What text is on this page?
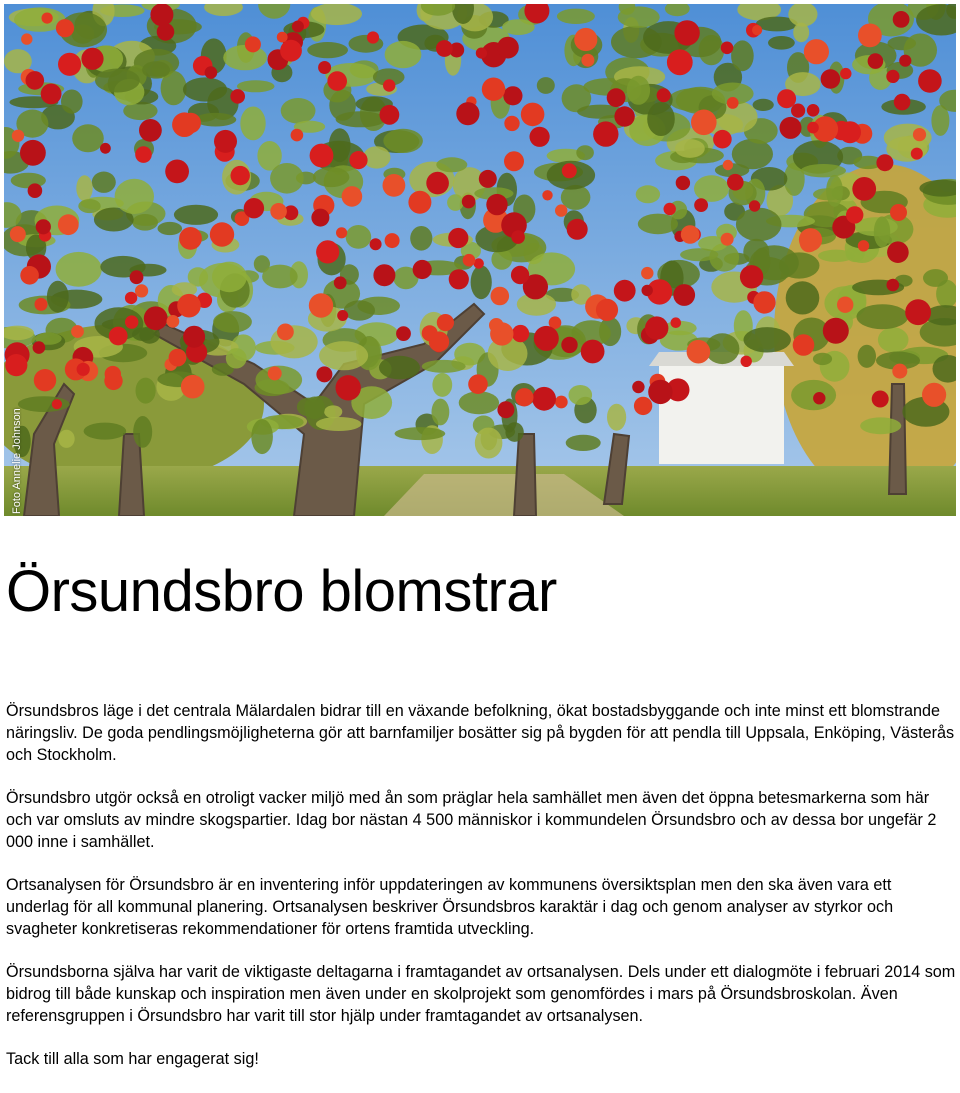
Foto Annelie Johnson
Örsundsbro blomstrar

Örsundsbros läge i det centrala Mälardalen bidrar till en växande befolkning, ökat bostadsbyggande och inte minst ett blomstrande näringsliv. De goda pendlingsmöjligheterna gör att barnfamiljer bosätter sig på bygden för att pendla till Uppsala, Enköping, Västerås och Stockholm.

Örsundsbro utgör också en otroligt vacker miljö med ån som präglar hela samhället men även det öppna betesmarkerna som här och var omsluts av mindre skogspartier. Idag bor nästan 4 500 människor i kommundelen Örsundsbro och av dessa bor ungefär 2 000 inne i samhället.

Ortsanalysen för Örsundsbro är en inventering inför uppdateringen av kommunens översiktsplan men den ska även vara ett underlag för all kommunal planering. Ortsanalysen beskriver Örsundsbros karaktär i dag och genom analyser av styrkor och svagheter konkretiseras rekommendationer för ortens framtida utveckling.

Örsundsborna själva har varit de viktigaste deltagarna i framtagandet av ortsanalysen. Dels under ett dialogmöte i februari 2014 som bidrog till både kunskap och inspiration men även under en skolprojekt som genomfördes i mars på Örsundsbroskolan. Även referensgruppen i Örsundsbro har varit till stor hjälp under framtagandet av ortsanalysen.

Tack till alla som har engagerat sig!
